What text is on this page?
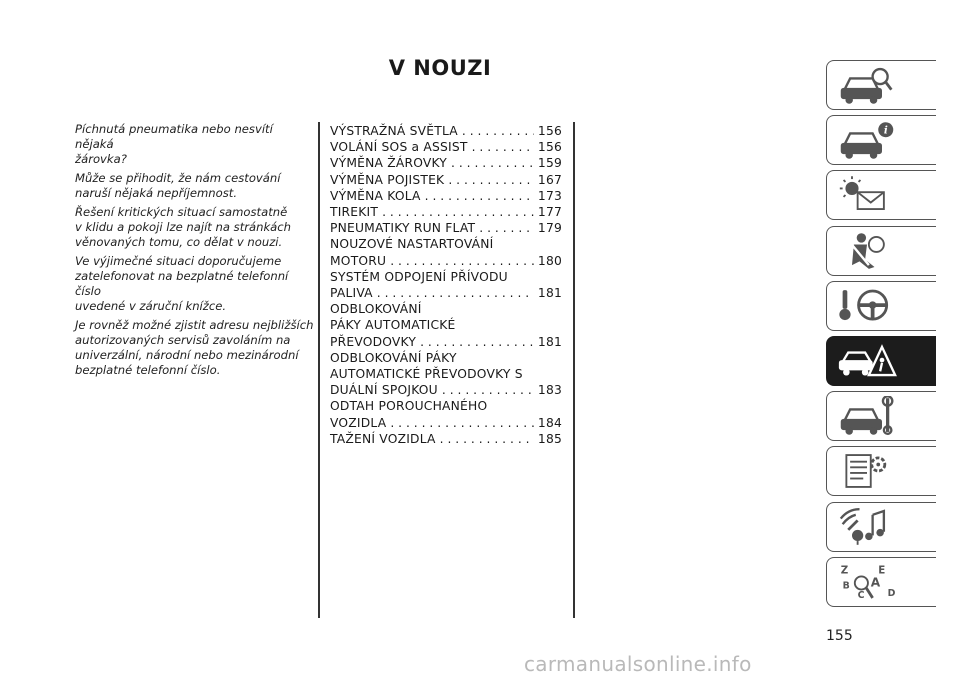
V NOUZI

Píchnutá pneumatika nebo nesvítí nějaká
žárovka?

Může se přihodit, že nám cestování
naruší nějaká nepříjemnost.

Řešení kritických situací samostatně
v klidu a pokoji lze najít na stránkách
věnovaných tomu, co dělat v nouzi.

Ve výjimečné situaci doporučujeme
zatelefonovat na bezplatné telefonní číslo
uvedené v záruční knížce.

Je rovněž možné zjistit adresu nejbližších
autorizovaných servisů zavoláním na
univerzální, národní nebo mezinárodní
bezplatné telefonní číslo.

VÝSTRAŽNÁ SVĚTLA . . .	156
VOLÁNÍ SOS a ASSIST . . .	156
VÝMĚNA ŽÁROVKY . . .	159
VÝMĚNA POJISTEK . . .	167
VÝMĚNA KOLA . . .	173
TIREKIT . . .	177
PNEUMATIKY RUN FLAT . . .	179
NOUZOVÉ NASTARTOVÁNÍ
MOTORU . . .	180
SYSTÉM ODPOJENÍ PŘÍVODU
PALIVA . . .	181
ODBLOKOVÁNÍ
PÁKY AUTOMATICKÉ
PŘEVODOVKY . . .	181
ODBLOKOVÁNÍ PÁKY
AUTOMATICKÉ PŘEVODOVKY S
DUÁLNÍ SPOJKOU . . .	183
ODTAH POROUCHANÉHO
VOZIDLA . . .	184
TAŽENÍ VOZIDLA . . .	185
i
Z	E
B A
C D
155
carmanualsonline.info
